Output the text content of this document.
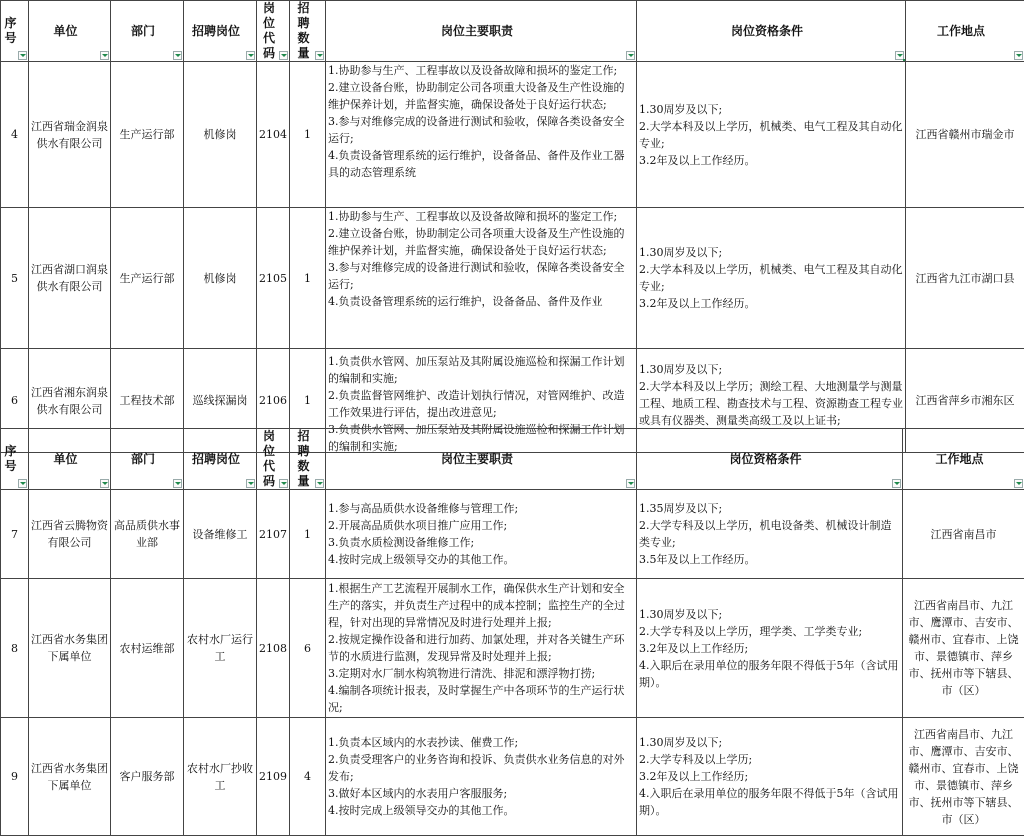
序号	单位	部门	招聘岗位	岗位代码	招聘数量	岗位主要职责	岗位资格条件	工作地点

4	江西省瑞金润泉供水有限公司	生产运行部	机修岗	2104	1	1.协助参与生产、工程事故以及设备故障和损坏的鉴定工作;
2.建立设备台账，协助制定公司各项重大设备及生产性设施的维护保养计划，并监督实施，确保设备处于良好运行状态;
3.参与对维修完成的设备进行测试和验收，保障各类设备安全运行;
4.负责设备管理系统的运行维护，设备备品、备件及作业工器具的动态管理系统	1.30周岁及以下;
2.大学本科及以上学历，机械类、电气工程及其自动化专业;
3.2年及以上工作经历。	江西省赣州市瑞金市
5	江西省湖口润泉供水有限公司	生产运行部	机修岗	2105	1	1.协助参与生产、工程事故以及设备故障和损坏的鉴定工作;
2.建立设备台账，协助制定公司各项重大设备及生产性设施的维护保养计划，并监督实施，确保设备处于良好运行状态;
3.参与对维修完成的设备进行测试和验收，保障各类设备安全运行;
4.负责设备管理系统的运行维护，设备备品、备件及作业	1.30周岁及以下;
2.大学本科及以上学历，机械类、电气工程及其自动化专业;
3.2年及以上工作经历。	江西省九江市湖口县
6	江西省湘东润泉供水有限公司	工程技术部	巡线探漏岗	2106	1	1.负责供水管网、加压泵站及其附属设施巡检和探漏工作计划的编制和实施;
2.负责监督管网维护、改造计划执行情况，对管网维护、改造工作效果进行评估，提出改进意见;
3.负责供水管网、加压泵站及其附属设施巡检和探漏工作计划的编制和实施;	1.30周岁及以下;
2.大学本科及以上学历；测绘工程、大地测量学与测量工程、地质工程、勘查技术与工程、资源勘查工程专业或具有仪器类、测量类高级工及以上证书;	江西省萍乡市湘东区
序号	单位	部门	招聘岗位	岗位代码	招聘数量	岗位主要职责	岗位资格条件	工作地点

7	江西省云腾物资有限公司	高品质供水事业部	设备维修工	2107	1	1.参与高品质供水设备维修与管理工作;
2.开展高品质供水项目推广应用工作;
3.负责水质检测设备维修工作;
4.按时完成上级领导交办的其他工作。	1.35周岁及以下;
2.大学专科及以上学历，机电设备类、机械设计制造类专业;
3.5年及以上工作经历。	江西省南昌市
8	江西省水务集团下属单位	农村运维部	农村水厂运行工	2108	6	1.根据生产工艺流程开展制水工作，确保供水生产计划和安全生产的落实，并负责生产过程中的成本控制；监控生产的全过程，针对出现的异常情况及时进行处理并上报;
2.按规定操作设备和进行加药、加氯处理，并对各关键生产环节的水质进行监测，发现异常及时处理并上报;
3.定期对水厂制水构筑物进行清洗、排泥和漂浮物打捞;
4.编制各项统计报表，及时掌握生产中各项环节的生产运行状况;	1.30周岁及以下;
2.大学专科及以上学历，理学类、工学类专业;
3.2年及以上工作经历;
4.入职后在录用单位的服务年限不得低于5年（含试用期）。	江西省南昌市、九江市、鹰潭市、吉安市、赣州市、宜春市、上饶市、景德镇市、萍乡市、抚州市等下辖县、市（区）
9	江西省水务集团下属单位	客户服务部	农村水厂抄收工	2109	4	1.负责本区域内的水表抄读、催费工作;
2.负责受理客户的业务咨询和投诉、负责供水业务信息的对外发布;
3.做好本区域内的水表用户客服服务;
4.按时完成上级领导交办的其他工作。	1.30周岁及以下;
2.大学专科及以上学历;
3.2年及以上工作经历;
4.入职后在录用单位的服务年限不得低于5年（含试用期）。	江西省南昌市、九江市、鹰潭市、吉安市、赣州市、宜春市、上饶市、景德镇市、萍乡市、抚州市等下辖县、市（区）
